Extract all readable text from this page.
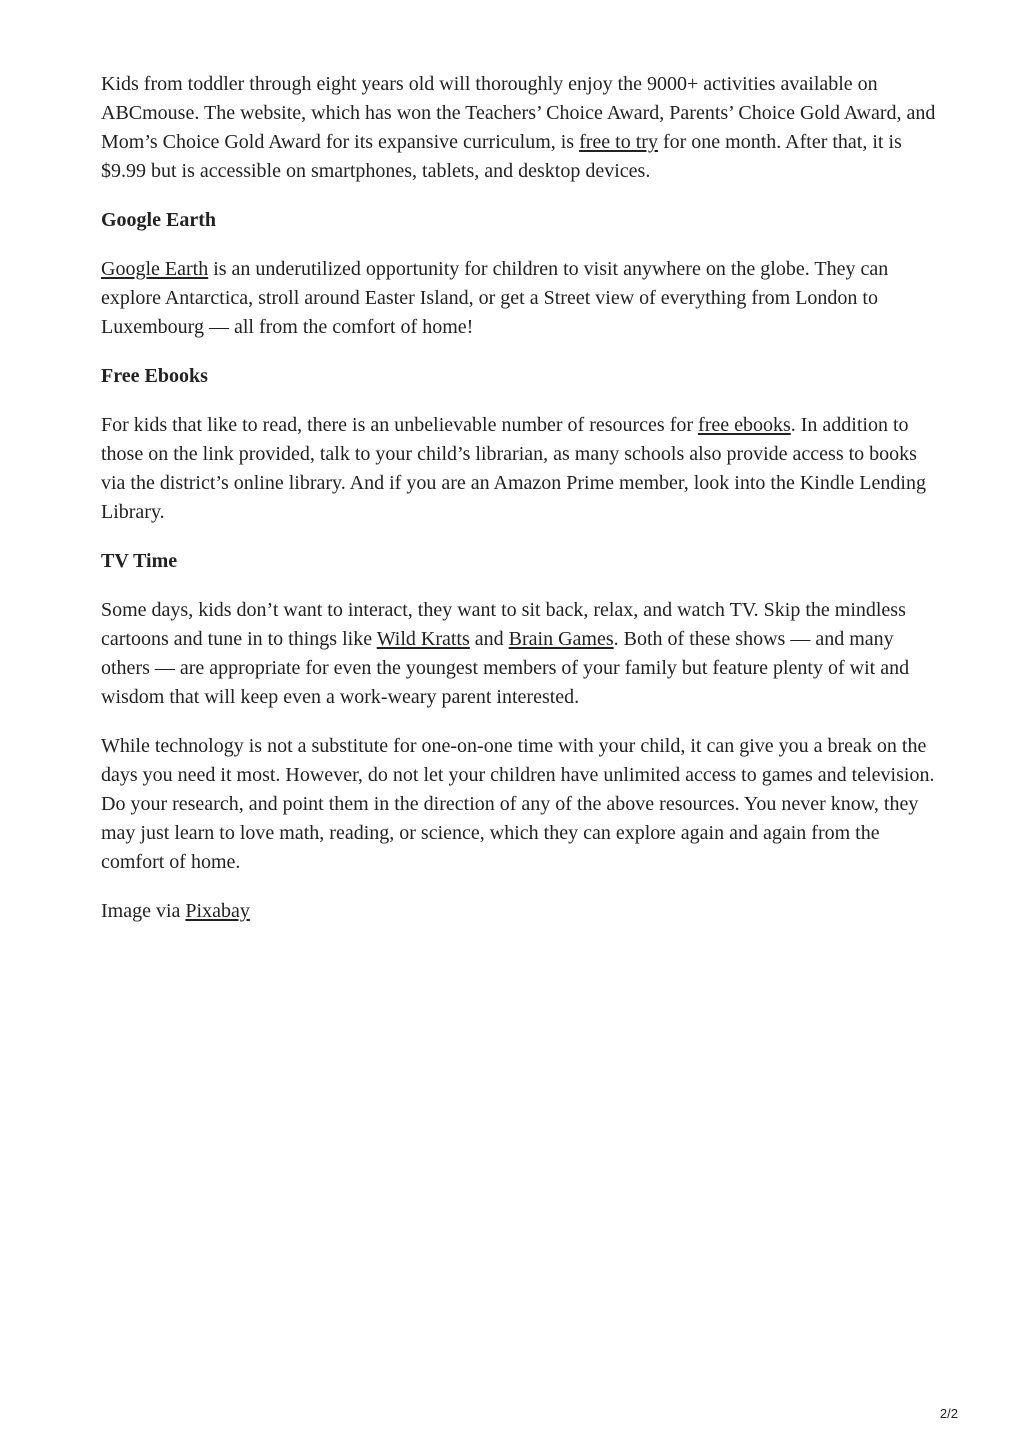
Kids from toddler through eight years old will thoroughly enjoy the 9000+ activities available on ABCmouse. The website, which has won the Teachers’ Choice Award, Parents’ Choice Gold Award, and Mom’s Choice Gold Award for its expansive curriculum, is free to try for one month. After that, it is $9.99 but is accessible on smartphones, tablets, and desktop devices.

Google Earth

Google Earth is an underutilized opportunity for children to visit anywhere on the globe. They can explore Antarctica, stroll around Easter Island, or get a Street view of everything from London to Luxembourg — all from the comfort of home!

Free Ebooks

For kids that like to read, there is an unbelievable number of resources for free ebooks. In addition to those on the link provided, talk to your child’s librarian, as many schools also provide access to books via the district’s online library. And if you are an Amazon Prime member, look into the Kindle Lending Library.

TV Time

Some days, kids don’t want to interact, they want to sit back, relax, and watch TV. Skip the mindless cartoons and tune in to things like Wild Kratts and Brain Games. Both of these shows — and many others — are appropriate for even the youngest members of your family but feature plenty of wit and wisdom that will keep even a work-weary parent interested.

While technology is not a substitute for one-on-one time with your child, it can give you a break on the days you need it most. However, do not let your children have unlimited access to games and television. Do your research, and point them in the direction of any of the above resources. You never know, they may just learn to love math, reading, or science, which they can explore again and again from the comfort of home.

Image via Pixabay

2/2
